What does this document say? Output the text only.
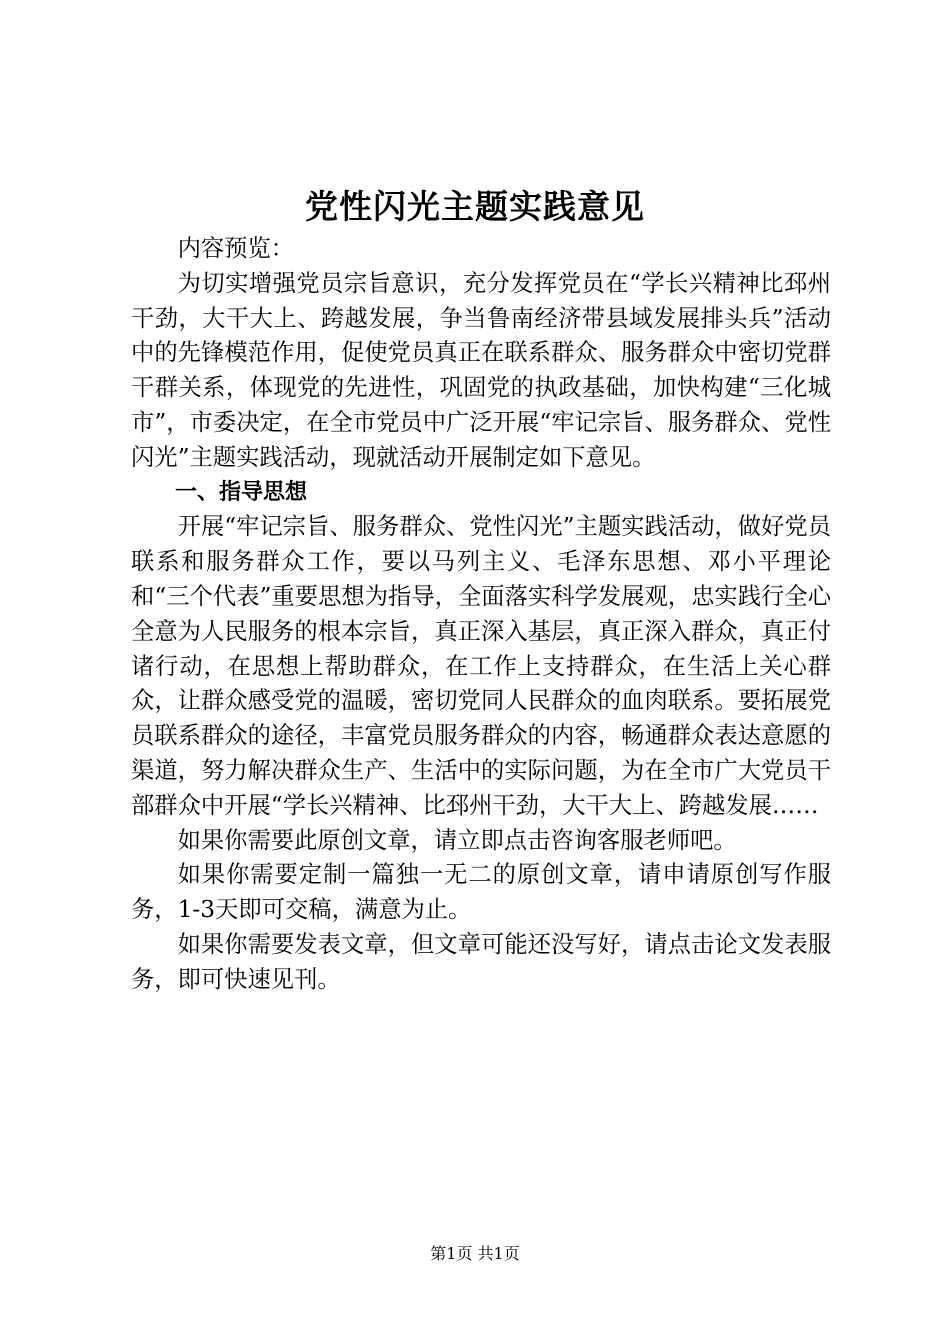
党性闪光主题实践意见

内容预览：

为切实增强党员宗旨意识，充分发挥党员在“学长兴精神比邳州干劲，大干大上、跨越发展，争当鲁南经济带县域发展排头兵”活动中的先锋模范作用，促使党员真正在联系群众、服务群众中密切党群干群关系，体现党的先进性，巩固党的执政基础，加快构建“三化城市”，市委决定，在全市党员中广泛开展“牢记宗旨、服务群众、党性闪光”主题实践活动，现就活动开展制定如下意见。

一、指导思想

开展“牢记宗旨、服务群众、党性闪光”主题实践活动，做好党员联系和服务群众工作，要以马列主义、毛泽东思想、邓小平理论和“三个代表”重要思想为指导，全面落实科学发展观，忠实践行全心全意为人民服务的根本宗旨，真正深入基层，真正深入群众，真正付诸行动，在思想上帮助群众，在工作上支持群众，在生活上关心群众，让群众感受党的温暖，密切党同人民群众的血肉联系。要拓展党员联系群众的途径，丰富党员服务群众的内容，畅通群众表达意愿的渠道，努力解决群众生产、生活中的实际问题，为在全市广大党员干部群众中开展“学长兴精神、比邳州干劲，大干大上、跨越发展……

如果你需要此原创文章，请立即点击咨询客服老师吧。

如果你需要定制一篇独一无二的原创文章，请申请原创写作服务，1-3天即可交稿，满意为止。

如果你需要发表文章，但文章可能还没写好，请点击论文发表服务，即可快速见刊。

第1页 共1页
